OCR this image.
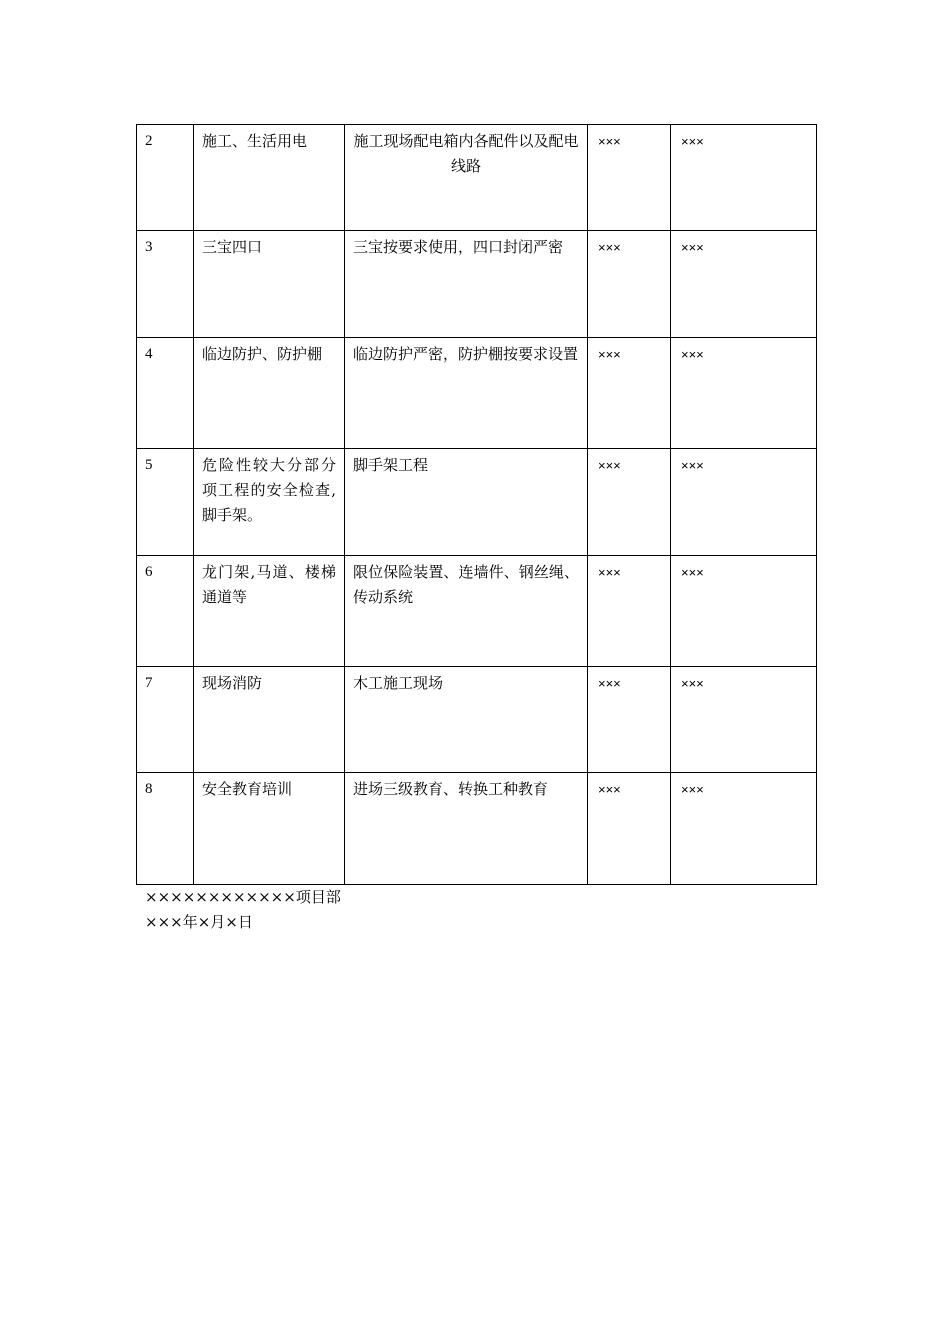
2	施工、生活用电	施工现场配电箱内各配件以及配电线路	×××	×××
3	三宝四口	三宝按要求使用，四口封闭严密	×××	×××
4	临边防护、防护棚	临边防护严密，防护棚按要求设置	×××	×××
5	危险性较大分部分项工程的安全检查,脚手架。	脚手架工程	×××	×××
6	龙门架,马道、楼梯通道等	限位保险装置、连墙件、钢丝绳、传动系统	×××	×××
7	现场消防	木工施工现场	×××	×××
8	安全教育培训	进场三级教育、转换工种教育	×××	×××
××××××××××××项目部
×××年×月×日
